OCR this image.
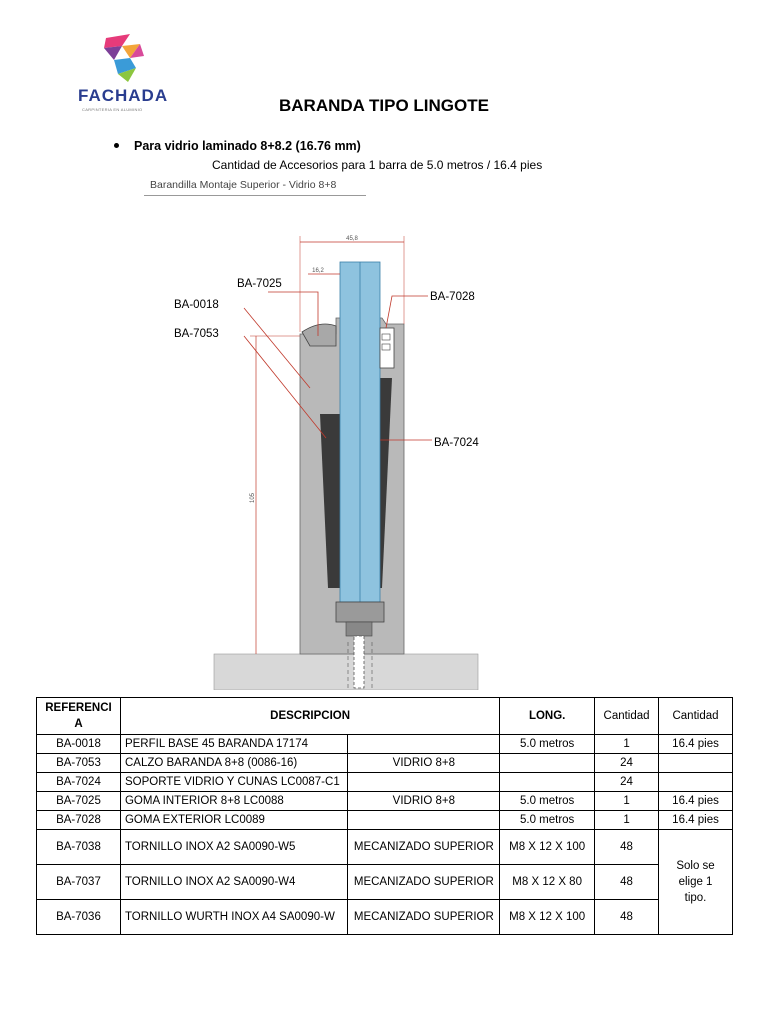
FACHADA
CARPINTERIA EN ALUMINIO	BARANDA TIPO LINGOTE
Para vidrio laminado 8+8.2 (16.76 mm)
Cantidad de Accesorios para 1 barra de 5.0 metros / 16.4 pies
Barandilla Montaje Superior - Vidrio 8+8
45,8
16,2
105
BA-7025
BA-0018
BA-7053
BA-7028
BA-7024
REFERENCI A	DESCRIPCION		LONG.	Cantidad	Cantidad
BA-0018	PERFIL BASE 45 BARANDA 17174		5.0 metros	1	16.4 pies
BA-7053	CALZO BARANDA 8+8 (0086-16)	VIDRIO 8+8		24	
BA-7024	SOPORTE VIDRIO Y CUNAS LC0087-C1			24	
BA-7025	GOMA INTERIOR 8+8 LC0088	VIDRIO 8+8	5.0 metros	1	16.4 pies
BA-7028	GOMA EXTERIOR LC0089		5.0 metros	1	16.4 pies
BA-7038	TORNILLO INOX A2 SA0090-W5	MECANIZADO SUPERIOR	M8 X 12 X 100	48	Solo se elige 1 tipo.
BA-7037	TORNILLO INOX A2 SA0090-W4	MECANIZADO SUPERIOR	M8 X 12 X 80	48	
BA-7036	TORNILLO WURTH INOX A4 SA0090-W	MECANIZADO SUPERIOR	M8 X 12 X 100	48	
